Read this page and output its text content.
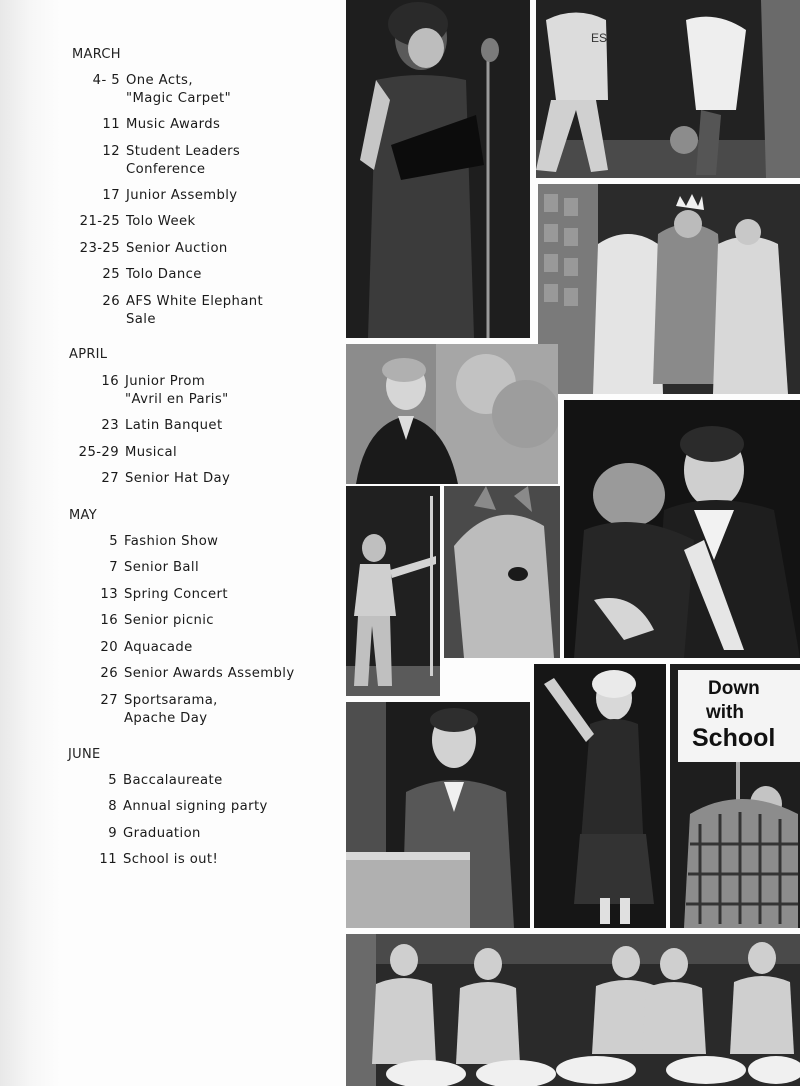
MARCH
4- 5 One Acts,
"Magic Carpet"
11 Music Awards
12 Student Leaders
Conference
17 Junior Assembly
21-25 Tolo Week
23-25 Senior Auction
25 Tolo Dance
26 AFS White Elephant
Sale
APRIL
16 Junior Prom
"Avril en Paris"
23 Latin Banquet
25-29 Musical
27 Senior Hat Day
MAY
5 Fashion Show
7 Senior Ball
13 Spring Concert
16 Senior picnic
20 Aquacade
26 Senior Awards Assembly
27 Sportsarama,
Apache Day
JUNE
5 Baccalaureate
8 Annual signing party
9 Graduation
11 School is out!
ES
Down
with
School
